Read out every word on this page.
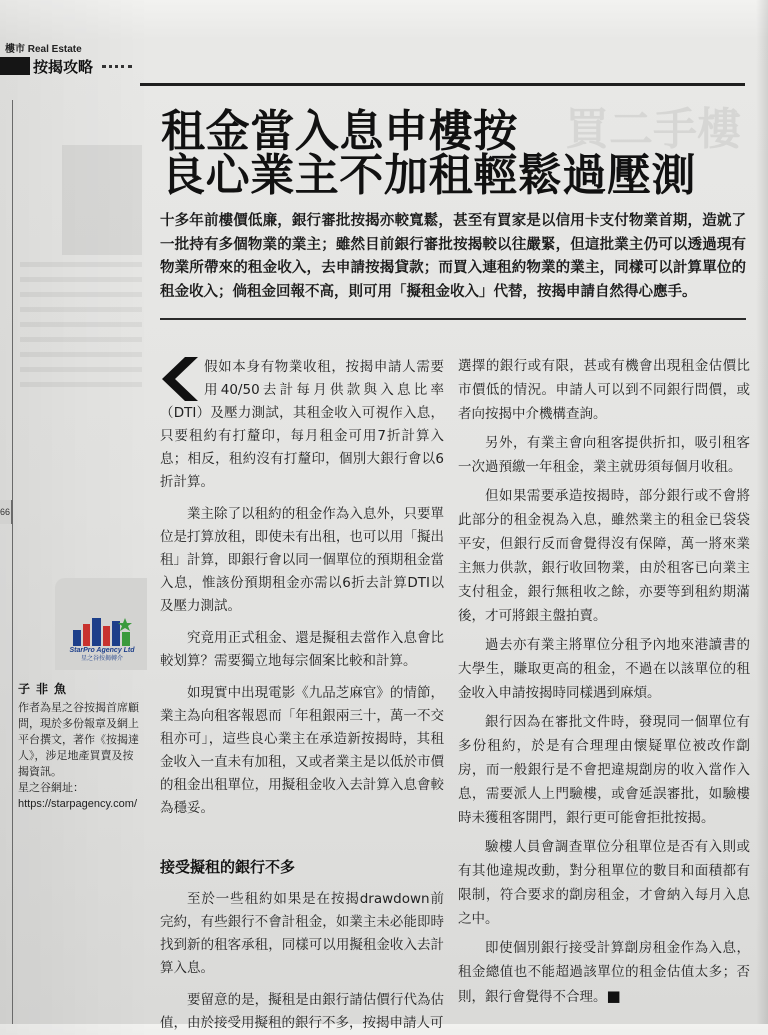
66
樓市 Real Estate
按揭攻略
買二手樓
租金當入息申樓按
良心業主不加租輕鬆過壓測

十多年前樓價低廉，銀行審批按揭亦較寬鬆，甚至有買家是以信用卡支付物業首期，造就了一批持有多個物業的業主；雖然目前銀行審批按揭較以往嚴緊，但這批業主仍可以透過現有物業所帶來的租金收入，去申請按揭貸款；而買入連租約物業的業主，同樣可以計算單位的租金收入；倘租金回報不高，則可用「擬租金收入」代替，按揭申請自然得心應手。

假如本身有物業收租，按揭申請人需要用40/50去計每月供款與入息比率（DTI）及壓力測試，其租金收入可視作入息，只要租約有打釐印，每月租金可用7折計算入息；相反，租約沒有打釐印，個別大銀行會以6折計算。

業主除了以租約的租金作為入息外，只要單位是打算放租，即使未有出租，也可以用「擬出租」計算，即銀行會以同一個單位的預期租金當入息，惟該份預期租金亦需以6折去計算DTI以及壓力測試。

究竟用正式租金、還是擬租去當作入息會比較划算？需要獨立地每宗個案比較和計算。

如現實中出現電影《九品芝麻官》的情節，業主為向租客報恩而「年租銀兩三十，萬一不交租亦可」，這些良心業主在承造新按揭時，其租金收入一直未有加租，又或者業主是以低於市價的租金出租單位，用擬租金收入去計算入息會較為穩妥。

接受擬租的銀行不多

至於一些租約如果是在按揭drawdown前完約，有些銀行不會計租金，如業主未必能即時找到新的租客承租，同樣可以用擬租金收入去計算入息。

要留意的是，擬租是由銀行請估價行代為估值，由於接受用擬租的銀行不多，按揭申請人可

選擇的銀行或有限，甚或有機會出現租金估價比市價低的情況。申請人可以到不同銀行問價，或者向按揭中介機構查詢。

另外，有業主會向租客提供折扣，吸引租客一次過預繳一年租金，業主就毋須每個月收租。

但如果需要承造按揭時，部分銀行或不會將此部分的租金視為入息，雖然業主的租金已袋袋平安，但銀行反而會覺得沒有保障，萬一將來業主無力供款，銀行收回物業，由於租客已向業主支付租金，銀行無租收之餘，亦要等到租約期滿後，才可將銀主盤拍賣。

過去亦有業主將單位分租予內地來港讀書的大學生，賺取更高的租金，不過在以該單位的租金收入申請按揭時同樣遇到麻煩。

銀行因為在審批文件時，發現同一個單位有多份租約，於是有合理理由懷疑單位被改作劏房，而一般銀行是不會把違規劏房的收入當作入息，需要派人上門驗樓，或會延誤審批，如驗樓時未獲租客開門，銀行更可能會拒批按揭。

驗樓人員會調查單位分租單位是否有入則或有其他違規改動，對分租單位的數目和面積都有限制，符合要求的劏房租金，才會納入每月入息之中。

即使個別銀行接受計算劏房租金作為入息，租金總值也不能超過該單位的租金估值太多；否則，銀行會覺得不合理。■

StarPro Agency Ltd
星之谷按揭轉介
子非魚

作者為星之谷按揭首席顧問，現於多份報章及網上平台撰文，著作《按揭達人》，涉足地產買賣及按揭資訊。

星之谷網址：
https://starpagency.com/
